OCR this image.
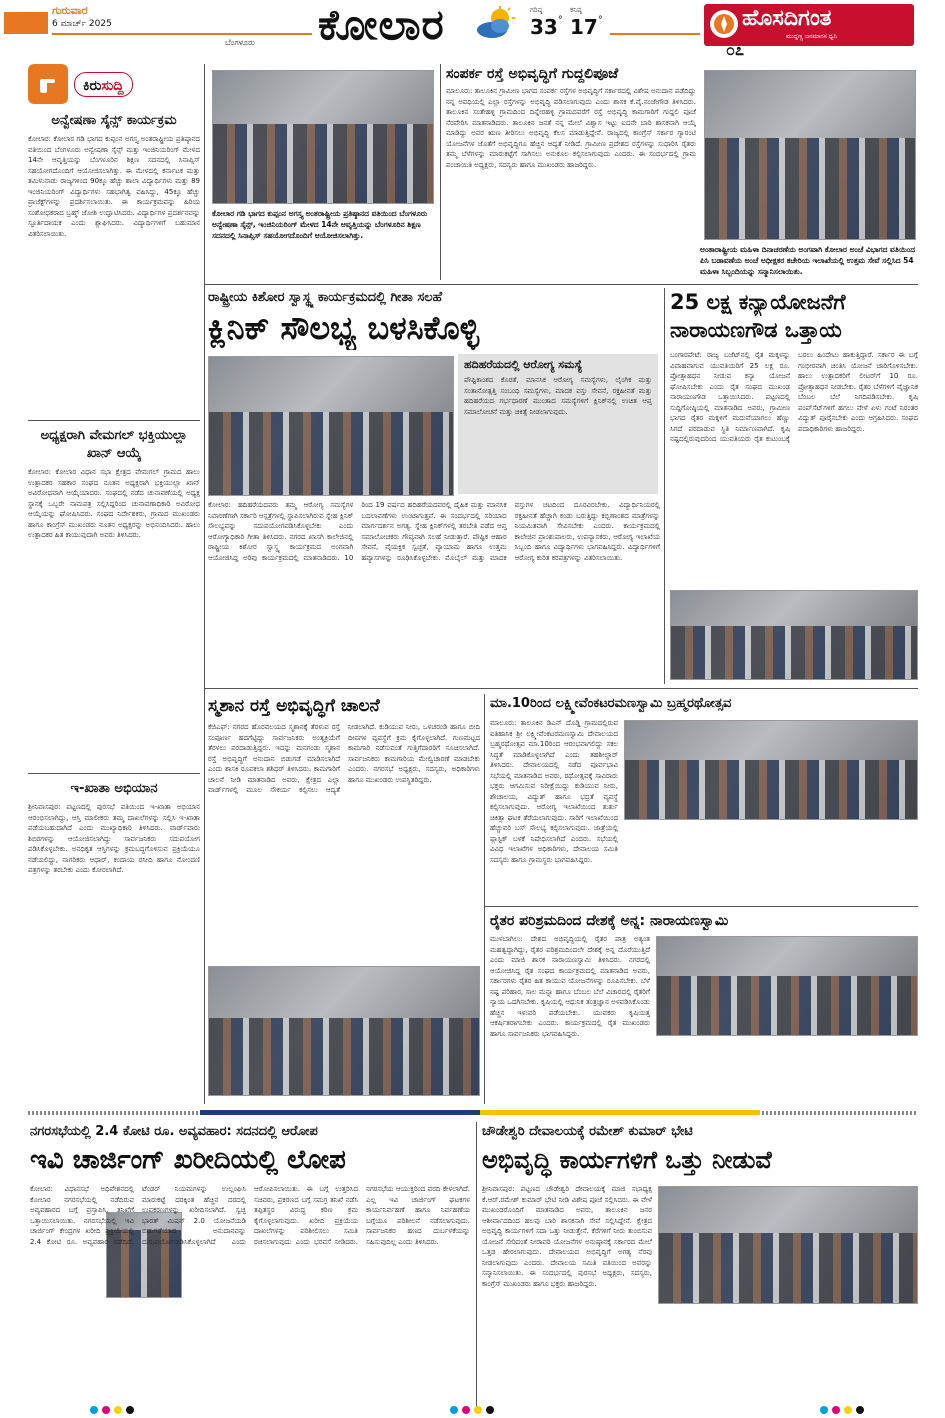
ಗುರುವಾರ
6 ಮಾರ್ಚ್ 2025
ಬೆಂಗಳೂರು ಕೋಲಾರ	ಗರಿಷ್ಠ
33°
ಕನಿಷ್ಠ
17°	ಹೊಸದಿಗಂತ
ಮುದ್ದಣ್ಣ ಜನಮಾನಸ ಧ್ವನಿ
೦೭
ಕಿರುಸುದ್ದಿ
ಅನ್ವೇಷಣಾ ಸೈನ್ಸ್ ಕಾರ್ಯಕ್ರಮ
ಕೋಲಾರ: ಕೋಲಾರ ಗಡಿ ಭಾಗದ ಕುಪ್ಪಂನ ಅಗಸ್ತ್ಯ ಅಂತರಾಷ್ಟ್ರೀಯ ಪ್ರತಿಷ್ಠಾನದ ವತಿಯಿಂದ ಬೆಂಗಳೂರು ಅನ್ವೇಷಣಾ ಸೈನ್ಸ್ ಮತ್ತು ಇಂಜಿನಿಯರಿಂಗ್ ಮೇಳದ 14ನೇ ಆವೃತ್ತಿಯನ್ನು ಬೆಂಗಳೂರಿನ ಶಿಕ್ಷಣ ಸದನದಲ್ಲಿ ಸಿನಾಪ್ಸಿಸ್ ಸಹಯೋಗದೊಂದಿಗೆ ಆಯೋಜಿಸಲಾಗಿತ್ತು. ಈ ಮೇಳದಲ್ಲಿ ಕರ್ನಾಟಕ ಮತ್ತು ತಮಿಳುನಾಡು ರಾಜ್ಯಗಳಿಂದ 90ಕ್ಕೂ ಹೆಚ್ಚು ಶಾಲಾ ವಿದ್ಯಾರ್ಥಿಗಳು ಮತ್ತು 89 ಇಂಜಿನಿಯರಿಂಗ್ ವಿದ್ಯಾರ್ಥಿಗಳು ಸಹಭಾಗಿತ್ವ ವಹಿಸಿದ್ದು, 45ಕ್ಕೂ ಹೆಚ್ಚು ಪ್ರಾಜೆಕ್ಟ್‌ಗಳನ್ನು ಪ್ರದರ್ಶಿಸಲಾಯಿತು. ಈ ಕಾರ್ಯಕ್ರಮವನ್ನು ಹಿರಿಯ ಸಂಶೋಧಕರಾದ ಬ್ರಹ್ಮ್ ಜೋಶಿ ಉದ್ಘಾಟಿಸಿದರು. ವಿದ್ಯಾರ್ಥಿಗಳ ಪ್ರದರ್ಶನವನ್ನು ಸ್ಫೂರ್ತಿದಾಯಕ ಎಂದು ಶ್ಲಾಘಿಸಿದರು. ವಿದ್ಯಾರ್ಥಿಗಳಿಗೆ ಬಹುಮಾನ ವಿತರಿಸಲಾಯಿತು.
ಅಧ್ಯಕ್ಷರಾಗಿ ವೇಮಗಲ್ ಭಕ್ತಿಯುಲ್ಲಾ ಖಾನ್ ಆಯ್ಕೆ
ಕೋಲಾರ: ಕೋಲಾರ ವಿಧಾನ ಸಭಾ ಕ್ಷೇತ್ರದ ವೇಮಗಲ್ ಗ್ರಾಮದ ಹಾಲು ಉತ್ಪಾದಕರ ಸಹಕಾರ ಸಂಘದ ನೂತನ ಅಧ್ಯಕ್ಷರಾಗಿ ಭಕ್ತಿಯುಲ್ಲಾ ಖಾನ್ ಅವಿರೋಧವಾಗಿ ಆಯ್ಕೆಯಾದರು. ಸಂಘದಲ್ಲಿ ನಡೆದ ಚುನಾವಣೆಯಲ್ಲಿ ಅಧ್ಯಕ್ಷ ಸ್ಥಾನಕ್ಕೆ ಒಬ್ಬರೇ ನಾಮಪತ್ರ ಸಲ್ಲಿಸಿದ್ದರಿಂದ ಚುನಾವಣಾಧಿಕಾರಿ ಅವಿರೋಧ ಆಯ್ಕೆಯನ್ನು ಘೋಷಿಸಿದರು. ಸಂಘದ ನಿರ್ದೇಶಕರು, ಗ್ರಾಮದ ಮುಖಂಡರು ಹಾಗೂ ಕಾಂಗ್ರೆಸ್ ಮುಖಂಡರು ನೂತನ ಅಧ್ಯಕ್ಷರನ್ನು ಅಭಿನಂದಿಸಿದರು. ಹಾಲು ಉತ್ಪಾದಕರ ಹಿತ ಕಾಯುವುದಾಗಿ ಅವರು ತಿಳಿಸಿದರು.
ಇ-ಖಾತಾ ಅಭಿಯಾನ
ಶ್ರೀನಿವಾಸಪುರ: ಪಟ್ಟಣದಲ್ಲಿ ಪುರಸಭೆ ವತಿಯಿಂದ ಇ-ಖಾತಾ ಅಭಿಯಾನ ಆರಂಭಿಸಲಾಗಿದ್ದು, ಆಸ್ತಿ ಮಾಲೀಕರು ತಮ್ಮ ದಾಖಲೆಗಳನ್ನು ಸಲ್ಲಿಸಿ ಇ-ಖಾತಾ ಪಡೆಯಬಹುದಾಗಿದೆ ಎಂದು ಮುಖ್ಯಾಧಿಕಾರಿ ತಿಳಿಸಿದರು. ವಾರ್ಡ್‌ವಾರು ಶಿಬಿರಗಳನ್ನು ಆಯೋಜಿಸಲಾಗಿದ್ದು ಸಾರ್ವಜನಿಕರು ಸದುಪಯೋಗ ಪಡಿಸಿಕೊಳ್ಳಬೇಕು. ಅನಧಿಕೃತ ಆಸ್ತಿಗಳನ್ನು ಕ್ರಮಬದ್ಧಗೊಳಿಸುವ ಪ್ರಕ್ರಿಯೆಯೂ ನಡೆಯಲಿದ್ದು, ನಾಗರಿಕರು ಆಧಾರ್, ಕಂದಾಯ ರಸೀದಿ ಹಾಗೂ ನೋಂದಣಿ ಪತ್ರಗಳನ್ನು ತರಬೇಕು ಎಂದು ಕೋರಲಾಗಿದೆ.
ಕೋಲಾರ ಗಡಿ ಭಾಗದ ಕುಪ್ಪಂನ ಅಗಸ್ತ್ಯ ಅಂತರಾಷ್ಟ್ರೀಯ ಪ್ರತಿಷ್ಠಾನದ ವತಿಯಿಂದ ಬೆಂಗಳೂರು ಅನ್ವೇಷಣಾ ಸೈನ್ಸ್, ಇಂಜಿನಿಯರಿಂಗ್ ಮೇಳದ 14ನೇ ಆವೃತ್ತಿಯನ್ನು ಬೆಂಗಳೂರಿನ ಶಿಕ್ಷಣ ಸದನದಲ್ಲಿ ಸಿನಾಪ್ಸಿಸ್ ಸಹಯೋಗದೊಂದಿಗೆ ಆಯೋಜಿಸಲಾಗಿತ್ತು.
ಸಂಪರ್ಕ ರಸ್ತೆ ಅಭಿವೃದ್ಧಿಗೆ ಗುದ್ದಲಿಪೂಜೆ
ಮಾಲೂರು: ತಾಲೂಕಿನ ಗ್ರಾಮೀಣ ಭಾಗದ ಸಂಪರ್ಕ ರಸ್ತೆಗಳ ಅಭಿವೃದ್ಧಿಗೆ ಸರ್ಕಾರದಲ್ಲಿ ವಿಶೇಷ ಅನುದಾನ ಪಡೆದಿದ್ದು ನನ್ನ ಅವಧಿಯಲ್ಲಿ ಎಲ್ಲಾ ರಸ್ತೆಗಳನ್ನು ಅಭಿವೃದ್ಧಿ ಪಡಿಸಲಾಗುವುದು ಎಂದು ಶಾಸಕ ಕೆ.ವೈ.ನಂಜೇಗೌಡ ತಿಳಿಸಿದರು. ತಾಲೂಕಿನ ಸಂತೇಹಳ್ಳಿ ಗ್ರಾಮದಿಂದ ದಿನ್ನೇರಹಳ್ಳಿ ಗ್ರಾಮದವರೆಗೆ ರಸ್ತೆ ಅಭಿವೃದ್ಧಿ ಕಾಮಗಾರಿಗೆ ಗುದ್ದಲಿ ಪೂಜೆ ನೆರವೇರಿಸಿ ಮಾತನಾಡಿದರು. ತಾಲೂಕಿನ ಜನತೆ ನನ್ನ ಮೇಲೆ ವಿಶ್ವಾಸ ಇಟ್ಟು ಐದನೇ ಬಾರಿ ಶಾಸಕನಾಗಿ ಆಯ್ಕೆ ಮಾಡಿದ್ದು ಅವರ ಋಣ ತೀರಿಸಲು ಅಭಿವೃದ್ಧಿ ಕೆಲಸ ಮಾಡುತ್ತಿದ್ದೇನೆ. ರಾಜ್ಯದಲ್ಲಿ ಕಾಂಗ್ರೆಸ್ ಸರ್ಕಾರ ಗ್ಯಾರಂಟಿ ಯೋಜನೆಗಳ ಜೊತೆಗೆ ಅಭಿವೃದ್ಧಿಗೂ ಹೆಚ್ಚಿನ ಆದ್ಯತೆ ನೀಡಿದೆ. ಗ್ರಾಮೀಣ ಪ್ರದೇಶದ ರಸ್ತೆಗಳನ್ನು ಸುಧಾರಿಸಿ ರೈತರು ತಮ್ಮ ಬೆಳೆಗಳನ್ನು ಮಾರುಕಟ್ಟೆಗೆ ಸಾಗಿಸಲು ಅನುಕೂಲ ಕಲ್ಪಿಸಲಾಗುವುದು ಎಂದರು. ಈ ಸಂದರ್ಭದಲ್ಲಿ ಗ್ರಾಮ ಪಂಚಾಯಿತಿ ಅಧ್ಯಕ್ಷರು, ಸದಸ್ಯರು ಹಾಗೂ ಮುಖಂಡರು ಹಾಜರಿದ್ದರು.
ಅಂತಾರಾಷ್ಟ್ರೀಯ ಮಹಿಳಾ ದಿನಾಚರಣೆಯ ಅಂಗವಾಗಿ ಕೋಲಾರ ಅಂಚೆ ವಿಭಾಗದ ವತಿಯಿಂದ ಪಿಸಿ ಬಡಾವಣೆಯ ಅಂಚೆ ಅಧೀಕ್ಷಕರ ಕಚೇರಿಯ ಇಲಾಖೆಯಲ್ಲಿ ಉತ್ತಮ ಸೇವೆ ಸಲ್ಲಿಸಿದ 54 ಮಹಿಳಾ ಸಿಬ್ಬಂದಿಯನ್ನು ಸನ್ಮಾನಿಸಲಾಯಿತು.
ರಾಷ್ಟ್ರೀಯ ಕಿಶೋರ ಸ್ವಾಸ್ಥ್ಯ ಕಾರ್ಯಕ್ರಮದಲ್ಲಿ ಗೀತಾ ಸಲಹೆ
ಕ್ಲಿನಿಕ್ ಸೌಲಭ್ಯ ಬಳಸಿಕೊಳ್ಳಿ
ಹದಿಹರೆಯದಲ್ಲಿ ಆರೋಗ್ಯ ಸಮಸ್ಯೆ
ಪೌಷ್ಟಿಕಾಂಶದ ಕೊರತೆ, ಮಾನಸಿಕ ಆರೋಗ್ಯ ಸಮಸ್ಯೆಗಳು, ಲೈಂಗಿಕ ಮತ್ತು ಸಂತಾನೋತ್ಪತ್ತಿ ಸಂಬಂಧಿ ಸಮಸ್ಯೆಗಳು, ಮಾದಕ ವಸ್ತು ಸೇವನೆ, ರಕ್ತಹೀನತೆ ಮತ್ತು ಹದಿಹರೆಯದ ಗರ್ಭಧಾರಣೆ ಮುಂತಾದ ಸಮಸ್ಯೆಗಳಿಗೆ ಕ್ಲಿನಿಕ್‌ನಲ್ಲಿ ಉಚಿತ ಆಪ್ತ ಸಮಾಲೋಚನೆ ಮತ್ತು ಚಿಕಿತ್ಸೆ ನೀಡಲಾಗುವುದು.
ಕೋಲಾರ: ಹದಿಹರೆಯದವರು ತಮ್ಮ ಆರೋಗ್ಯ ಸಮಸ್ಯೆಗಳ ನಿವಾರಣೆಗಾಗಿ ಸರ್ಕಾರಿ ಆಸ್ಪತ್ರೆಗಳಲ್ಲಿ ಸ್ಥಾಪಿಸಲಾಗಿರುವ ಸ್ನೇಹ ಕ್ಲಿನಿಕ್ ಸೌಲಭ್ಯವನ್ನು ಸದುಪಯೋಗಪಡಿಸಿಕೊಳ್ಳಬೇಕು ಎಂದು ಆರೋಗ್ಯಾಧಿಕಾರಿ ಗೀತಾ ತಿಳಿಸಿದರು. ನಗರದ ಖಾಸಗಿ ಕಾಲೇಜಿನಲ್ಲಿ ರಾಷ್ಟ್ರೀಯ ಕಿಶೋರ ಸ್ವಾಸ್ಥ್ಯ ಕಾರ್ಯಕ್ರಮದ ಅಂಗವಾಗಿ ಆಯೋಜಿಸಿದ್ದ ಅರಿವು ಕಾರ್ಯಕ್ರಮದಲ್ಲಿ ಮಾತನಾಡಿದರು. 10 ರಿಂದ 19 ವರ್ಷದ ಹದಿಹರೆಯದವರಲ್ಲಿ ದೈಹಿಕ ಮತ್ತು ಮಾನಸಿಕ ಬದಲಾವಣೆಗಳು ಉಂಟಾಗುತ್ತವೆ. ಈ ಸಂದರ್ಭದಲ್ಲಿ ಸರಿಯಾದ ಮಾರ್ಗದರ್ಶನ ಅಗತ್ಯ. ಸ್ನೇಹ ಕ್ಲಿನಿಕ್‌ಗಳಲ್ಲಿ ತರಬೇತಿ ಪಡೆದ ಆಪ್ತ ಸಮಾಲೋಚಕರು ಗೌಪ್ಯವಾಗಿ ಸಲಹೆ ನೀಡುತ್ತಾರೆ. ಪೌಷ್ಟಿಕ ಆಹಾರ ಸೇವನೆ, ವೈಯಕ್ತಿಕ ಸ್ವಚ್ಛತೆ, ವ್ಯಾಯಾಮ ಹಾಗೂ ಉತ್ತಮ ಹವ್ಯಾಸಗಳನ್ನು ರೂಢಿಸಿಕೊಳ್ಳಬೇಕು. ಮೊಬೈಲ್ ಮತ್ತು ಮಾದಕ ವಸ್ತುಗಳ ಚಟದಿಂದ ದೂರವಿರಬೇಕು. ವಿದ್ಯಾರ್ಥಿನಿಯರಲ್ಲಿ ರಕ್ತಹೀನತೆ ಹೆಚ್ಚಾಗಿ ಕಂಡು ಬರುತ್ತಿದ್ದು ಕಬ್ಬಿಣಾಂಶದ ಮಾತ್ರೆಗಳನ್ನು ನಿಯಮಿತವಾಗಿ ಸೇವಿಸಬೇಕು ಎಂದರು. ಕಾರ್ಯಕ್ರಮದಲ್ಲಿ ಕಾಲೇಜಿನ ಪ್ರಾಂಶುಪಾಲರು, ಉಪನ್ಯಾಸಕರು, ಆರೋಗ್ಯ ಇಲಾಖೆಯ ಸಿಬ್ಬಂದಿ ಹಾಗೂ ವಿದ್ಯಾರ್ಥಿಗಳು ಭಾಗವಹಿಸಿದ್ದರು. ವಿದ್ಯಾರ್ಥಿಗಳಿಗೆ ಆರೋಗ್ಯ ಕುರಿತ ಕರಪತ್ರಗಳನ್ನು ವಿತರಿಸಲಾಯಿತು.
25 ಲಕ್ಷ ಕನ್ಯಾಯೋಜನೆಗೆ
ನಾರಾಯಣಗೌಡ ಒತ್ತಾಯ
ಬಂಗಾರಪೇಟೆ: ರಾಜ್ಯ ಬಜೆಟ್‌ನಲ್ಲಿ ರೈತ ಮಕ್ಕಳನ್ನು ವಿವಾಹವಾಗುವ ಯುವತಿಯರಿಗೆ 25 ಲಕ್ಷ ರೂ. ಪ್ರೋತ್ಸಾಹಧನ ನೀಡುವ ಕನ್ಯಾ ಯೋಜನೆ ಘೋಷಿಸಬೇಕು ಎಂದು ರೈತ ಸಂಘದ ಮುಖಂಡ ನಾರಾಯಣಗೌಡ ಒತ್ತಾಯಿಸಿದರು. ಪಟ್ಟಣದಲ್ಲಿ ಸುದ್ದಿಗೋಷ್ಠಿಯಲ್ಲಿ ಮಾತನಾಡಿದ ಅವರು, ಗ್ರಾಮೀಣ ಭಾಗದ ರೈತರ ಮಕ್ಕಳಿಗೆ ಮದುವೆಯಾಗಲು ಹೆಣ್ಣು ಸಿಗದೆ ಪರದಾಡುವ ಸ್ಥಿತಿ ನಿರ್ಮಾಣವಾಗಿದೆ. ಕೃಷಿ ನಷ್ಟದಲ್ಲಿರುವುದರಿಂದ ಯುವತಿಯರು ರೈತ ಕುಟುಂಬಕ್ಕೆ ಬರಲು ಹಿಂದೇಟು ಹಾಕುತ್ತಿದ್ದಾರೆ. ಸರ್ಕಾರ ಈ ಬಗ್ಗೆ ಗಂಭೀರವಾಗಿ ಚಿಂತಿಸಿ ಯೋಜನೆ ಜಾರಿಗೊಳಿಸಬೇಕು. ಹಾಲು ಉತ್ಪಾದಕರಿಗೆ ಲೀಟರ್‌ಗೆ 10 ರೂ. ಪ್ರೋತ್ಸಾಹಧನ ನೀಡಬೇಕು. ರೈತರ ಬೆಳೆಗಳಿಗೆ ವೈಜ್ಞಾನಿಕ ಬೆಂಬಲ ಬೆಲೆ ನಿಗದಿಪಡಿಸಬೇಕು. ಕೃಷಿ ಪಂಪ್‌ಸೆಟ್‌ಗಳಿಗೆ ಹಗಲು ವೇಳೆ ಏಳು ಗಂಟೆ ನಿರಂತರ ವಿದ್ಯುತ್ ಪೂರೈಸಬೇಕು ಎಂದು ಆಗ್ರಹಿಸಿದರು. ಸಂಘದ ಪದಾಧಿಕಾರಿಗಳು ಹಾಜರಿದ್ದರು.
ಸ್ಮಶಾನ ರಸ್ತೆ ಅಭಿವೃದ್ಧಿಗೆ ಚಾಲನೆ
ಕೆಜಿಎಫ್: ನಗರದ ಹೊರವಲಯದ ಸ್ಮಶಾನಕ್ಕೆ ತೆರಳುವ ರಸ್ತೆ ಸಂಪೂರ್ಣ ಹದಗೆಟ್ಟಿದ್ದು ಸಾರ್ವಜನಿಕರು ಅಂತ್ಯಕ್ರಿಯೆಗೆ ತೆರಳಲು ಪರದಾಡುತ್ತಿದ್ದರು. ಇದನ್ನು ಮನಗಂಡು ಸ್ಮಶಾನ ರಸ್ತೆ ಅಭಿವೃದ್ಧಿಗೆ ಅನುದಾನ ಬಿಡುಗಡೆ ಮಾಡಿಸಲಾಗಿದೆ ಎಂದು ಶಾಸಕಿ ರೂಪಕಲಾ ಶಶಿಧರ್ ತಿಳಿಸಿದರು. ಕಾಮಗಾರಿಗೆ ಚಾಲನೆ ನೀಡಿ ಮಾತನಾಡಿದ ಅವರು, ಕ್ಷೇತ್ರದ ಎಲ್ಲಾ ವಾರ್ಡ್‌ಗಳಲ್ಲಿ ಮೂಲ ಸೌಕರ್ಯ ಕಲ್ಪಿಸಲು ಆದ್ಯತೆ ನೀಡಲಾಗಿದೆ. ಕುಡಿಯುವ ನೀರು, ಒಳಚರಂಡಿ ಹಾಗೂ ಬೀದಿ ದೀಪಗಳ ವ್ಯವಸ್ಥೆಗೆ ಕ್ರಮ ಕೈಗೊಳ್ಳಲಾಗಿದೆ. ಗುಣಮಟ್ಟದ ಕಾಮಗಾರಿ ನಡೆಸುವಂತೆ ಗುತ್ತಿಗೆದಾರರಿಗೆ ಸೂಚಿಸಲಾಗಿದೆ. ಸಾರ್ವಜನಿಕರು ಕಾಮಗಾರಿಯ ಮೇಲ್ವಿಚಾರಣೆ ಮಾಡಬೇಕು ಎಂದರು. ನಗರಸಭೆ ಅಧ್ಯಕ್ಷರು, ಸದಸ್ಯರು, ಅಧಿಕಾರಿಗಳು ಹಾಗೂ ಮುಖಂಡರು ಉಪಸ್ಥಿತರಿದ್ದರು.
ಮಾ.10ರಿಂದ ಲಕ್ಷ್ಮೀವೆಂಕಟರಮಣಸ್ವಾಮಿ ಬ್ರಹ್ಮರಥೋತ್ಸವ
ಮಾಲೂರು: ತಾಲೂಕಿನ ಡಿಎನ್ ದೊಡ್ಡಿ ಗ್ರಾಮದಲ್ಲಿರುವ ಐತಿಹಾಸಿಕ ಶ್ರೀ ಲಕ್ಷ್ಮೀವೆಂಕಟರಮಣಸ್ವಾಮಿ ದೇವಾಲಯದ ಬ್ರಹ್ಮರಥೋತ್ಸವ ಮಾ.10ರಿಂದ ಆರಂಭವಾಗಲಿದ್ದು ಸಕಲ ಸಿದ್ಧತೆ ಮಾಡಿಕೊಳ್ಳಲಾಗಿದೆ ಎಂದು ತಹಶೀಲ್ದಾರ್ ತಿಳಿಸಿದರು. ದೇವಾಲಯದಲ್ಲಿ ನಡೆದ ಪೂರ್ವಭಾವಿ ಸಭೆಯಲ್ಲಿ ಮಾತನಾಡಿದ ಅವರು, ರಥೋತ್ಸವಕ್ಕೆ ಸಾವಿರಾರು ಭಕ್ತರು ಆಗಮಿಸುವ ನಿರೀಕ್ಷೆಯಿದ್ದು ಕುಡಿಯುವ ನೀರು, ಶೌಚಾಲಯ, ವಿದ್ಯುತ್ ಹಾಗೂ ಭದ್ರತೆ ವ್ಯವಸ್ಥೆ ಕಲ್ಪಿಸಲಾಗುವುದು. ಆರೋಗ್ಯ ಇಲಾಖೆಯಿಂದ ತುರ್ತು ಚಿಕಿತ್ಸಾ ಘಟಕ ತೆರೆಯಲಾಗುವುದು. ಸಾರಿಗೆ ಇಲಾಖೆಯಿಂದ ಹೆಚ್ಚುವರಿ ಬಸ್ ಸೌಲಭ್ಯ ಕಲ್ಪಿಸಲಾಗುವುದು. ಜಾತ್ರೆಯಲ್ಲಿ ಪ್ಲಾಸ್ಟಿಕ್ ಬಳಕೆ ನಿಷೇಧಿಸಲಾಗಿದೆ ಎಂದರು. ಸಭೆಯಲ್ಲಿ ವಿವಿಧ ಇಲಾಖೆಗಳ ಅಧಿಕಾರಿಗಳು, ದೇವಾಲಯ ಸಮಿತಿ ಸದಸ್ಯರು ಹಾಗೂ ಗ್ರಾಮಸ್ಥರು ಭಾಗವಹಿಸಿದ್ದರು.
ರೈತರ ಪರಿಶ್ರಮದಿಂದ ದೇಶಕ್ಕೆ ಅನ್ನ: ನಾರಾಯಣಸ್ವಾಮಿ
ಮುಳಬಾಗಿಲು: ದೇಶದ ಅಭಿವೃದ್ಧಿಯಲ್ಲಿ ರೈತರ ಪಾತ್ರ ಅತ್ಯಂತ ಮಹತ್ವದ್ದಾಗಿದ್ದು, ರೈತರ ಪರಿಶ್ರಮದಿಂದಲೇ ದೇಶಕ್ಕೆ ಅನ್ನ ದೊರೆಯುತ್ತಿದೆ ಎಂದು ಮಾಜಿ ಶಾಸಕ ನಾರಾಯಣಸ್ವಾಮಿ ತಿಳಿಸಿದರು. ನಗರದಲ್ಲಿ ಆಯೋಜಿಸಿದ್ದ ರೈತ ಸಂಘದ ಕಾರ್ಯಕ್ರಮದಲ್ಲಿ ಮಾತನಾಡಿದ ಅವರು, ಸರ್ಕಾರಗಳು ರೈತರ ಹಿತ ಕಾಯುವ ಯೋಜನೆಗಳನ್ನು ರೂಪಿಸಬೇಕು. ಬೆಳೆ ನಷ್ಟ ಪರಿಹಾರ, ಸಾಲ ಮನ್ನಾ ಹಾಗೂ ಬೆಂಬಲ ಬೆಲೆ ವಿಚಾರದಲ್ಲಿ ರೈತರಿಗೆ ನ್ಯಾಯ ಒದಗಿಸಬೇಕು. ಕೃಷಿಯಲ್ಲಿ ಆಧುನಿಕ ತಂತ್ರಜ್ಞಾನ ಅಳವಡಿಸಿಕೊಂಡು ಹೆಚ್ಚಿನ ಇಳುವರಿ ಪಡೆಯಬೇಕು. ಯುವಕರು ಕೃಷಿಯತ್ತ ಆಕರ್ಷಿತರಾಗಬೇಕು ಎಂದರು. ಕಾರ್ಯಕ್ರಮದಲ್ಲಿ ರೈತ ಮುಖಂಡರು ಹಾಗೂ ಸಾರ್ವಜನಿಕರು ಭಾಗವಹಿಸಿದ್ದರು.
ನಗರಸಭೆಯಲ್ಲಿ 2.4 ಕೋಟಿ ರೂ. ಅವ್ಯವಹಾರ: ಸದನದಲ್ಲಿ ಆರೋಪ
ಇವಿ ಚಾರ್ಜಿಂಗ್ ಖರೀದಿಯಲ್ಲಿ ಲೋಪ
ಕೋಲಾರ: ವಿಧಾನಸಭೆ ಅಧಿವೇಶನದಲ್ಲಿ ಕೋಲಾರ ನಗರಸಭೆಯಲ್ಲಿ ನಡೆದಿರುವ ಅವ್ಯವಹಾರದ ಬಗ್ಗೆ ಪ್ರಸ್ತಾಪಿಸಿ, ತನಿಖೆಗೆ ಒತ್ತಾಯಿಸಲಾಯಿತು. ನಗರಸಭೆಯಲ್ಲಿ ಇವಿ ಚಾರ್ಜಿಂಗ್ ಕೇಂದ್ರಗಳ ಖರೀದಿ ಪ್ರಕ್ರಿಯೆಯಲ್ಲಿ 2.4 ಕೋಟಿ ರೂ. ಅವ್ಯವಹಾರ ನಡೆದಿದೆ. ಟೆಂಡರ್ ನಿಯಮಗಳನ್ನು ಉಲ್ಲಂಘಿಸಿ ಮಾರುಕಟ್ಟೆ ದರಕ್ಕಿಂತ ಹೆಚ್ಚಿನ ದರದಲ್ಲಿ ಉಪಕರಣಗಳನ್ನು ಖರೀದಿಸಲಾಗಿದೆ. ಸ್ವಚ್ಛ ಭಾರತ್ ಮಿಷನ್ 2.0 ಯೋಜನೆಯಡಿ ಬಿಡುಗಡೆಯಾದ ಅನುದಾನವನ್ನು ದುರುಪಯೋಗಪಡಿಸಿಕೊಳ್ಳಲಾಗಿದೆ ಎಂದು ಆರೋಪಿಸಲಾಯಿತು. ಈ ಬಗ್ಗೆ ಉತ್ತರಿಸಿದ ಸಚಿವರು, ಪ್ರಕರಣದ ಬಗ್ಗೆ ಸಮಗ್ರ ತನಿಖೆ ನಡೆಸಿ ತಪ್ಪಿತಸ್ಥರ ವಿರುದ್ಧ ಕಠಿಣ ಕ್ರಮ ಕೈಗೊಳ್ಳಲಾಗುವುದು. ಖರೀದಿ ಪ್ರಕ್ರಿಯೆಯ ದಾಖಲೆಗಳನ್ನು ಪರಿಶೀಲಿಸಲು ಸಮಿತಿ ರಚಿಸಲಾಗುವುದು ಎಂದು ಭರವಸೆ ನೀಡಿದರು. ನಗರಸಭೆಯ ಆಯುಕ್ತರಿಂದ ವರದಿ ಕೇಳಲಾಗಿದೆ. ಎಲ್ಲ ಇವಿ ಚಾರ್ಜಿಂಗ್ ಘಟಕಗಳ ಕಾರ್ಯನಿರ್ವಹಣೆ ಹಾಗೂ ನಿರ್ವಹಣೆಯ ಬಗ್ಗೆಯೂ ಪರಿಶೀಲನೆ ನಡೆಸಲಾಗುವುದು. ಸಾರ್ವಜನಿಕರ ಹಣದ ದುರ್ಬಳಕೆಯನ್ನು ಸಹಿಸುವುದಿಲ್ಲ ಎಂದು ತಿಳಿಸಿದರು.
ಚೌಡೇಶ್ವರಿ ದೇವಾಲಯಕ್ಕೆ ರಮೇಶ್ ಕುಮಾರ್ ಭೇಟಿ
ಅಭಿವೃದ್ಧಿ ಕಾರ್ಯಗಳಿಗೆ ಒತ್ತು ನೀಡುವೆ
ಶ್ರೀನಿವಾಸಪುರ: ಪಟ್ಟಣದ ಚೌಡೇಶ್ವರಿ ದೇವಾಲಯಕ್ಕೆ ಮಾಜಿ ಸಭಾಧ್ಯಕ್ಷ ಕೆ.ಆರ್.ರಮೇಶ್ ಕುಮಾರ್ ಭೇಟಿ ನೀಡಿ ವಿಶೇಷ ಪೂಜೆ ಸಲ್ಲಿಸಿದರು. ಈ ವೇಳೆ ಮುಖಂಡರೊಂದಿಗೆ ಮಾತನಾಡಿದ ಅವರು, ತಾಲೂಕಿನ ಜನರ ಆಶೀರ್ವಾದದಿಂದ ಹಲವು ಬಾರಿ ಶಾಸಕನಾಗಿ ಸೇವೆ ಸಲ್ಲಿಸಿದ್ದೇನೆ. ಕ್ಷೇತ್ರದ ಅಭಿವೃದ್ಧಿ ಕಾರ್ಯಗಳಿಗೆ ಸದಾ ಒತ್ತು ನೀಡುತ್ತೇನೆ. ಕೆರೆಗಳಿಗೆ ನೀರು ತುಂಬಿಸುವ ಯೋಜನೆ ಸೇರಿದಂತೆ ನೀರಾವರಿ ಯೋಜನೆಗಳ ಅನುಷ್ಠಾನಕ್ಕೆ ಸರ್ಕಾರದ ಮೇಲೆ ಒತ್ತಡ ಹೇರಲಾಗುವುದು. ದೇವಾಲಯದ ಅಭಿವೃದ್ಧಿಗೆ ಅಗತ್ಯ ನೆರವು ನೀಡಲಾಗುವುದು ಎಂದರು. ದೇವಾಲಯ ಸಮಿತಿ ವತಿಯಿಂದ ಅವರನ್ನು ಸನ್ಮಾನಿಸಲಾಯಿತು. ಈ ಸಂದರ್ಭದಲ್ಲಿ ಪುರಸಭೆ ಅಧ್ಯಕ್ಷರು, ಸದಸ್ಯರು, ಕಾಂಗ್ರೆಸ್ ಮುಖಂಡರು ಹಾಗೂ ಭಕ್ತರು ಹಾಜರಿದ್ದರು.
